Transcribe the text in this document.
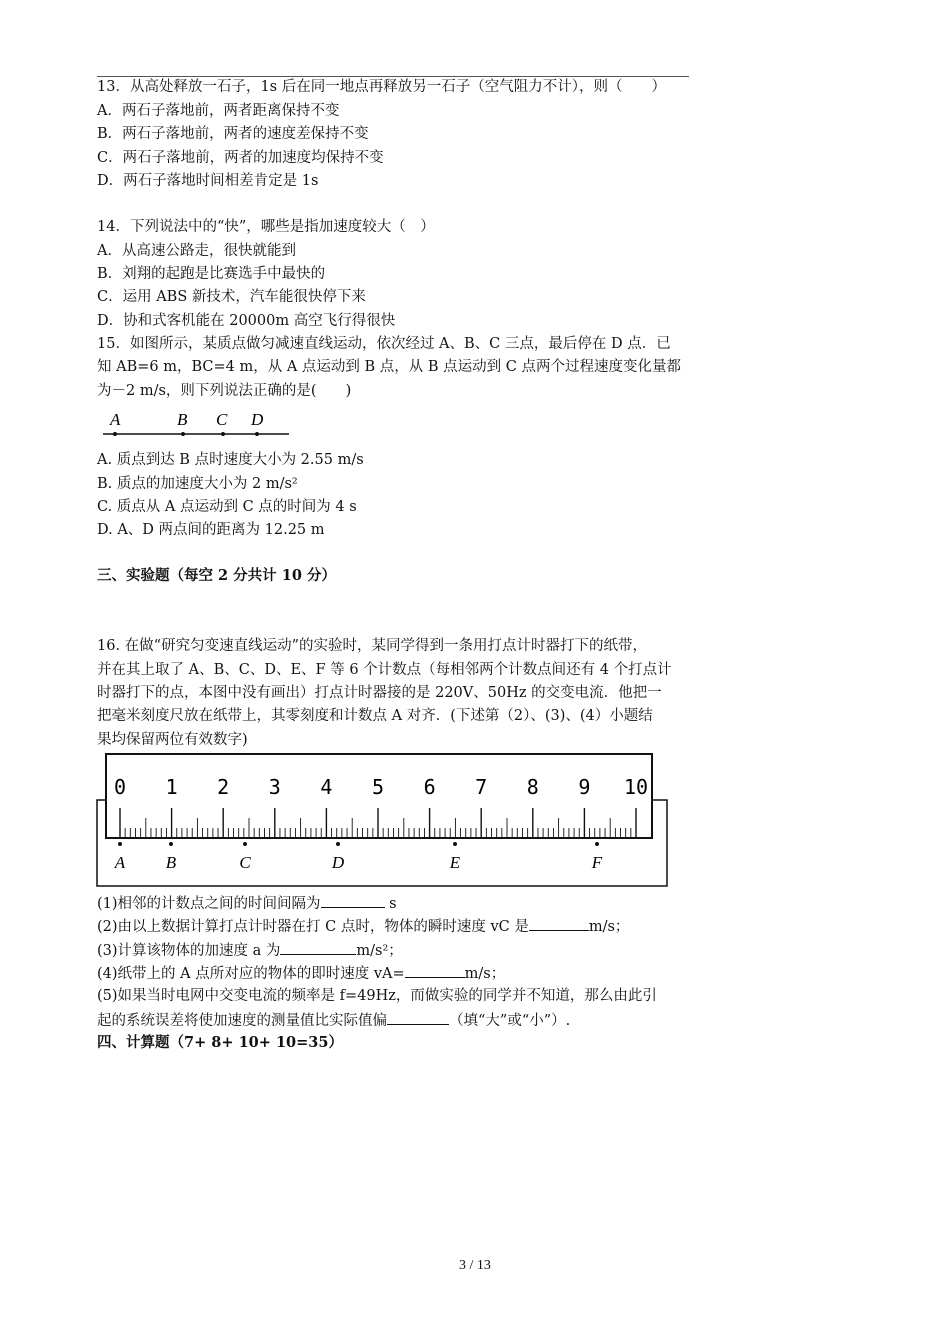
13．从高处释放一石子，1s 后在同一地点再释放另一石子（空气阻力不计），则（　　）
A．两石子落地前，两者距离保持不变
B．两石子落地前，两者的速度差保持不变
C．两石子落地前，两者的加速度均保持不变
D．两石子落地时间相差肯定是 1s
14．下列说法中的“快”，哪些是指加速度较大（　）
A．从高速公路走，很快就能到
B．刘翔的起跑是比赛选手中最快的
C．运用 ABS 新技术，汽车能很快停下来
D．协和式客机能在 20000m 高空飞行得很快
15．如图所示，某质点做匀减速直线运动，依次经过 A、B、C 三点，最后停在 D 点．已
知 AB=6 m，BC=4 m，从 A 点运动到 B 点，从 B 点运动到 C 点两个过程速度变化量都
为－2 m/s，则下列说法正确的是(　　)
A	B C D
A. 质点到达 B 点时速度大小为 2.55 m/s
B. 质点的加速度大小为 2 m/s²
C. 质点从 A 点运动到 C 点的时间为 4 s
D. A、D 两点间的距离为 12.25 m
三、实验题（每空 2 分共计 10 分）
16. 在做“研究匀变速直线运动”的实验时，某同学得到一条用打点计时器打下的纸带，
并在其上取了 A、B、C、D、E、F 等 6 个计数点（每相邻两个计数点间还有 4 个打点计
时器打下的点，本图中没有画出）打点计时器接的是 220V、50Hz 的交变电流．他把一
把毫米刻度尺放在纸带上，其零刻度和计数点 A 对齐．(下述第（2）、(3)、(4）小题结
果均保留两位有效数字)
0 1 2 3 4 5 6 7 8 9 10
A B	C	D	E	F
(1)相邻的计数点之间的时间间隔为	s
(2)由以上数据计算打点计时器在打 C 点时，物体的瞬时速度 vC 是	m/s；
(3)计算该物体的加速度 a 为	m/s²；
(4)纸带上的 A 点所对应的物体的即时速度 vA=	m/s；
(5)如果当时电网中交变电流的频率是 f=49Hz，而做实验的同学并不知道，那么由此引
起的系统误差将使加速度的测量值比实际值偏	（填“大”或“小”）.
四、计算题（7+ 8+ 10+ 10=35）
3 / 13
